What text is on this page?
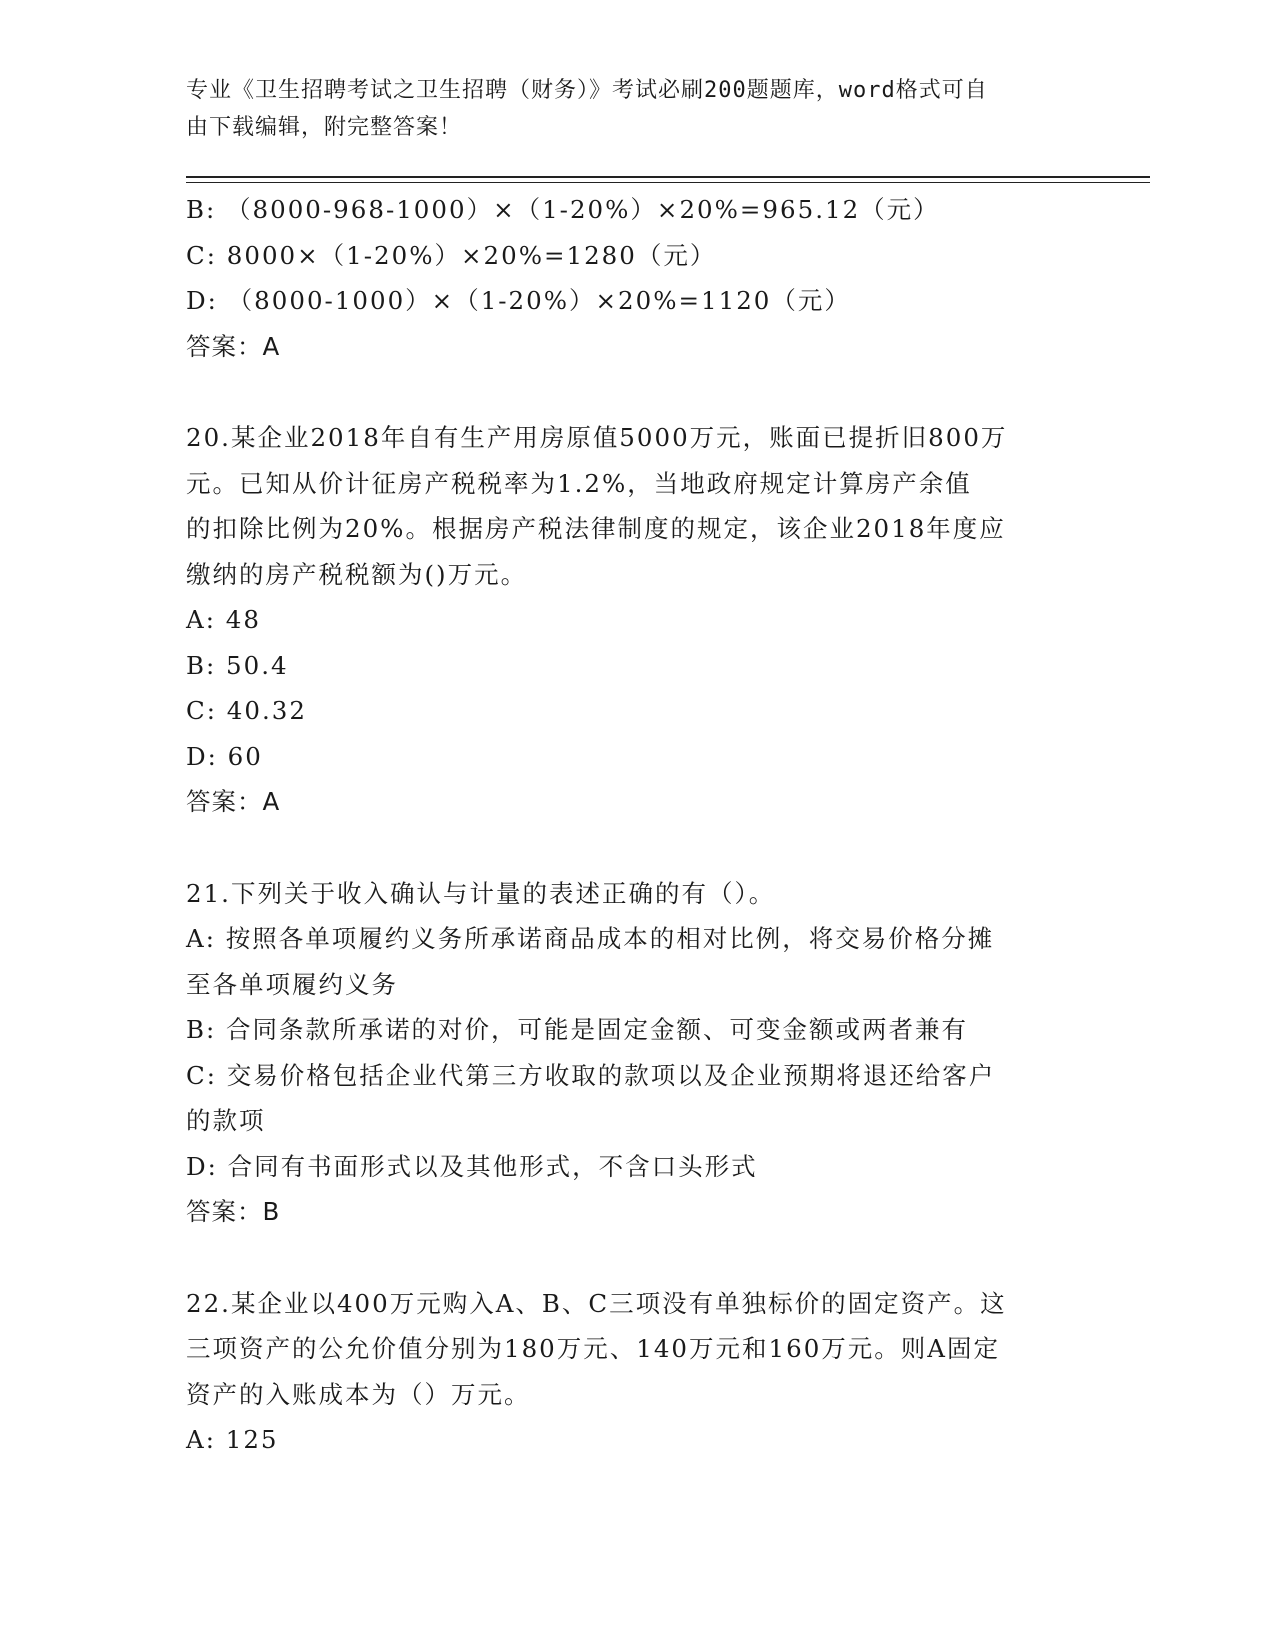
专业《卫生招聘考试之卫生招聘（财务）》考试必刷200题题库，word格式可自
由下载编辑，附完整答案！

B: （8000-968-1000）×（1-20%）×20%=965.12（元）

C: 8000×（1-20%）×20%=1280（元）

D: （8000-1000）×（1-20%）×20%=1120（元）

答案：A

20.某企业2018年自有生产用房原值5000万元，账面已提折旧800万

元。已知从价计征房产税税率为1.2%，当地政府规定计算房产余值

的扣除比例为20%。根据房产税法律制度的规定，该企业2018年度应

缴纳的房产税税额为()万元。

A: 48

B: 50.4

C: 40.32

D: 60

答案：A

21.下列关于收入确认与计量的表述正确的有（）。

A: 按照各单项履约义务所承诺商品成本的相对比例，将交易价格分摊

至各单项履约义务

B: 合同条款所承诺的对价，可能是固定金额、可变金额或两者兼有

C: 交易价格包括企业代第三方收取的款项以及企业预期将退还给客户

的款项

D: 合同有书面形式以及其他形式，不含口头形式

答案：B

22.某企业以400万元购入A、B、C三项没有单独标价的固定资产。这

三项资产的公允价值分别为180万元、140万元和160万元。则A固定

资产的入账成本为（）万元。

A: 125
